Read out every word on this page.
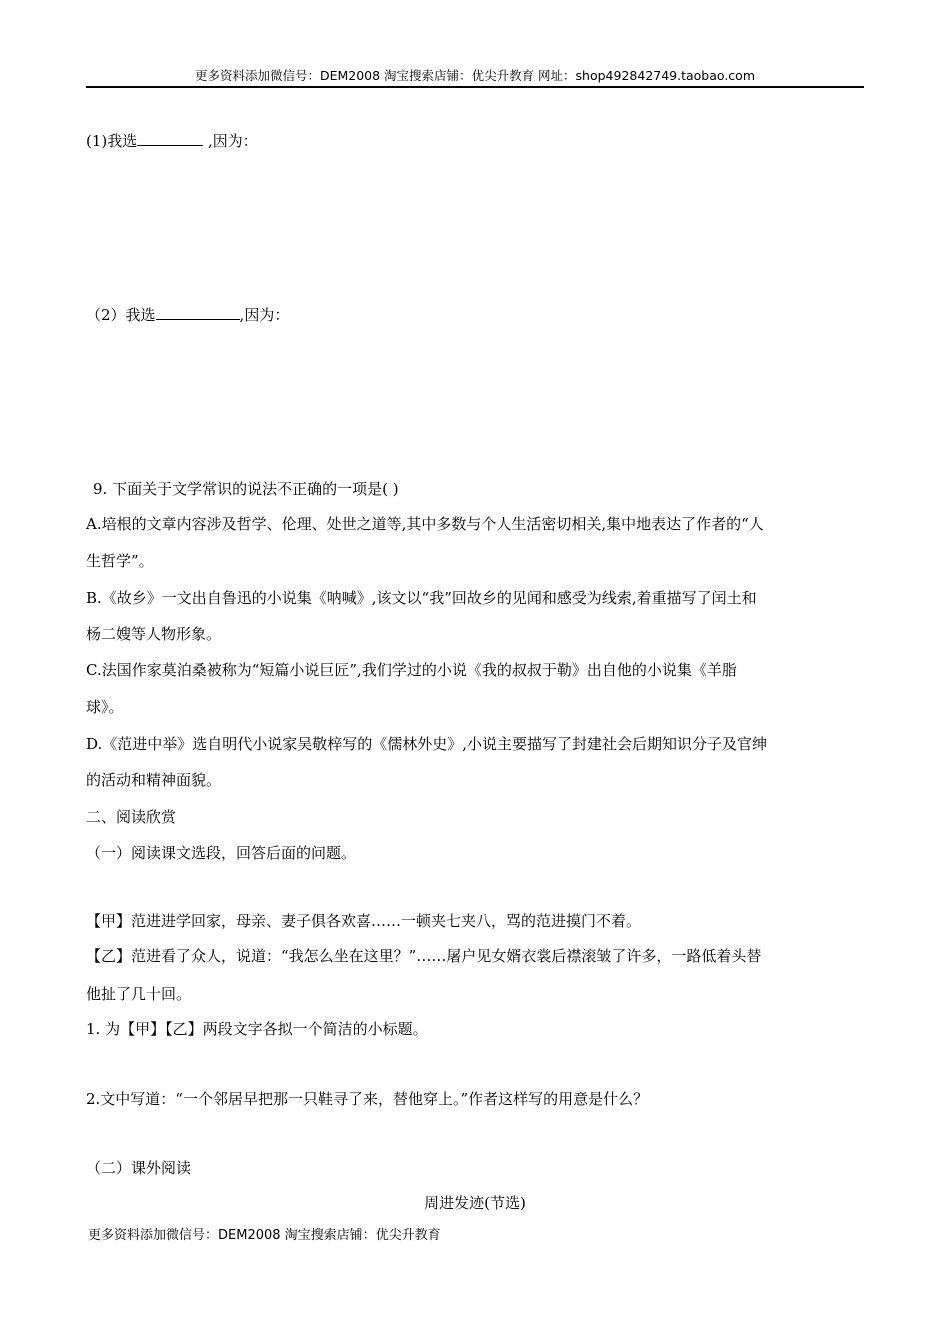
更多资料添加微信号：DEM2008 淘宝搜索店铺：优尖升教育 网址：shop492842749.taobao.com
(1)我选	,因为：
（2）我选	,因为：
9. 下面关于文学常识的说法不正确的一项是( )
A.培根的文章内容涉及哲学、伦理、处世之道等,其中多数与个人生活密切相关,集中地表达了作者的“人
生哲学”。
B.《故乡》一文出自鲁迅的小说集《呐喊》,该文以“我”回故乡的见闻和感受为线索,着重描写了闰土和
杨二嫂等人物形象。
C.法国作家莫泊桑被称为“短篇小说巨匠”,我们学过的小说《我的叔叔于勒》出自他的小说集《羊脂
球》。
D.《范进中举》选自明代小说家吴敬梓写的《儒林外史》,小说主要描写了封建社会后期知识分子及官绅
的活动和精神面貌。
二、阅读欣赏
（一）阅读课文选段，回答后面的问题。
【甲】范进进学回家，母亲、妻子俱各欢喜……一顿夹七夹八，骂的范进摸门不着。
【乙】范进看了众人，说道：“我怎么坐在这里？”……屠户见女婿衣裳后襟滚皱了许多，一路低着头替
他扯了几十回。
1. 为【甲】【乙】两段文字各拟一个简洁的小标题。
2.文中写道：“一个邻居早把那一只鞋寻了来，替他穿上。”作者这样写的用意是什么？
（二）课外阅读
周进发迹(节选)
更多资料添加微信号：DEM2008 淘宝搜索店铺：优尖升教育
